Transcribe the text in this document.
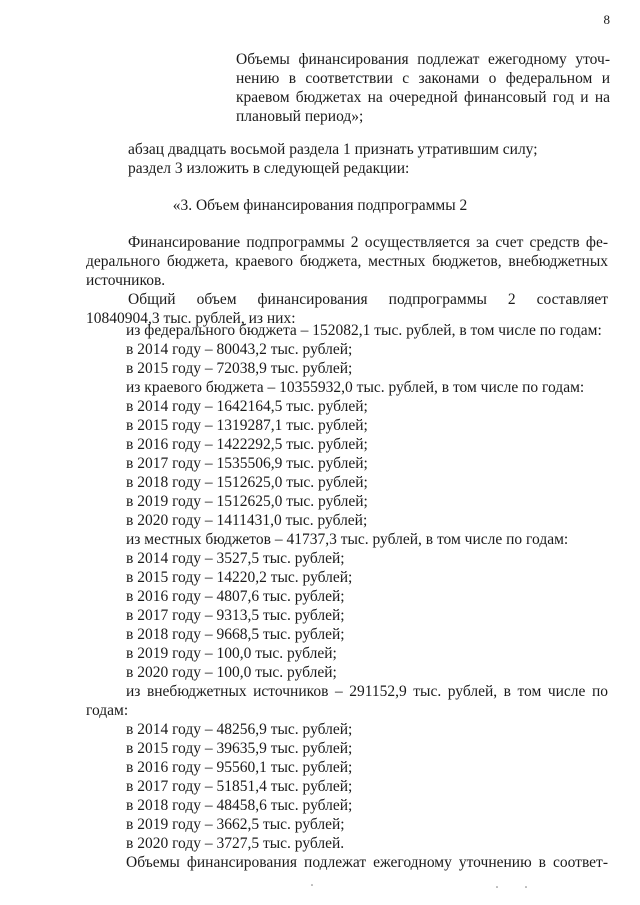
8
Объемы финансирования подлежат ежегодному уточ-
нению в соответствии с законами о федеральном и
краевом бюджетах на очередной финансовый год и на
плановый период»;
абзац двадцать восьмой раздела 1 признать утратившим силу;
раздел 3 изложить в следующей редакции:
«3. Объем финансирования подпрограммы 2
Финансирование подпрограммы 2 осуществляется за счет средств фе-
дерального бюджета, краевого бюджета, местных бюджетов, внебюджетных
источников.
Общий объем финансирования подпрограммы 2 составляет
10840904,3 тыс. рублей, из них:
из федерального бюджета – 152082,1 тыс. рублей, в том числе по годам:
в 2014 году – 80043,2 тыс. рублей;
в 2015 году – 72038,9 тыс. рублей;
из краевого бюджета – 10355932,0 тыс. рублей, в том числе по годам:
в 2014 году – 1642164,5 тыс. рублей;
в 2015 году – 1319287,1 тыс. рублей;
в 2016 году – 1422292,5 тыс. рублей;
в 2017 году – 1535506,9 тыс. рублей;
в 2018 году – 1512625,0 тыс. рублей;
в 2019 году – 1512625,0 тыс. рублей;
в 2020 году – 1411431,0 тыс. рублей;
из местных бюджетов – 41737,3 тыс. рублей, в том числе по годам:
в 2014 году – 3527,5 тыс. рублей;
в 2015 году – 14220,2 тыс. рублей;
в 2016 году – 4807,6 тыс. рублей;
в 2017 году – 9313,5 тыс. рублей;
в 2018 году – 9668,5 тыс. рублей;
в 2019 году – 100,0 тыс. рублей;
в 2020 году – 100,0 тыс. рублей;
из внебюджетных источников – 291152,9 тыс. рублей, в том числе по
годам:
в 2014 году – 48256,9 тыс. рублей;
в 2015 году – 39635,9 тыс. рублей;
в 2016 году – 95560,1 тыс. рублей;
в 2017 году – 51851,4 тыс. рублей;
в 2018 году – 48458,6 тыс. рублей;
в 2019 году – 3662,5 тыс. рублей;
в 2020 году – 3727,5 тыс. рублей.
Объемы финансирования подлежат ежегодному уточнению в соответ-
